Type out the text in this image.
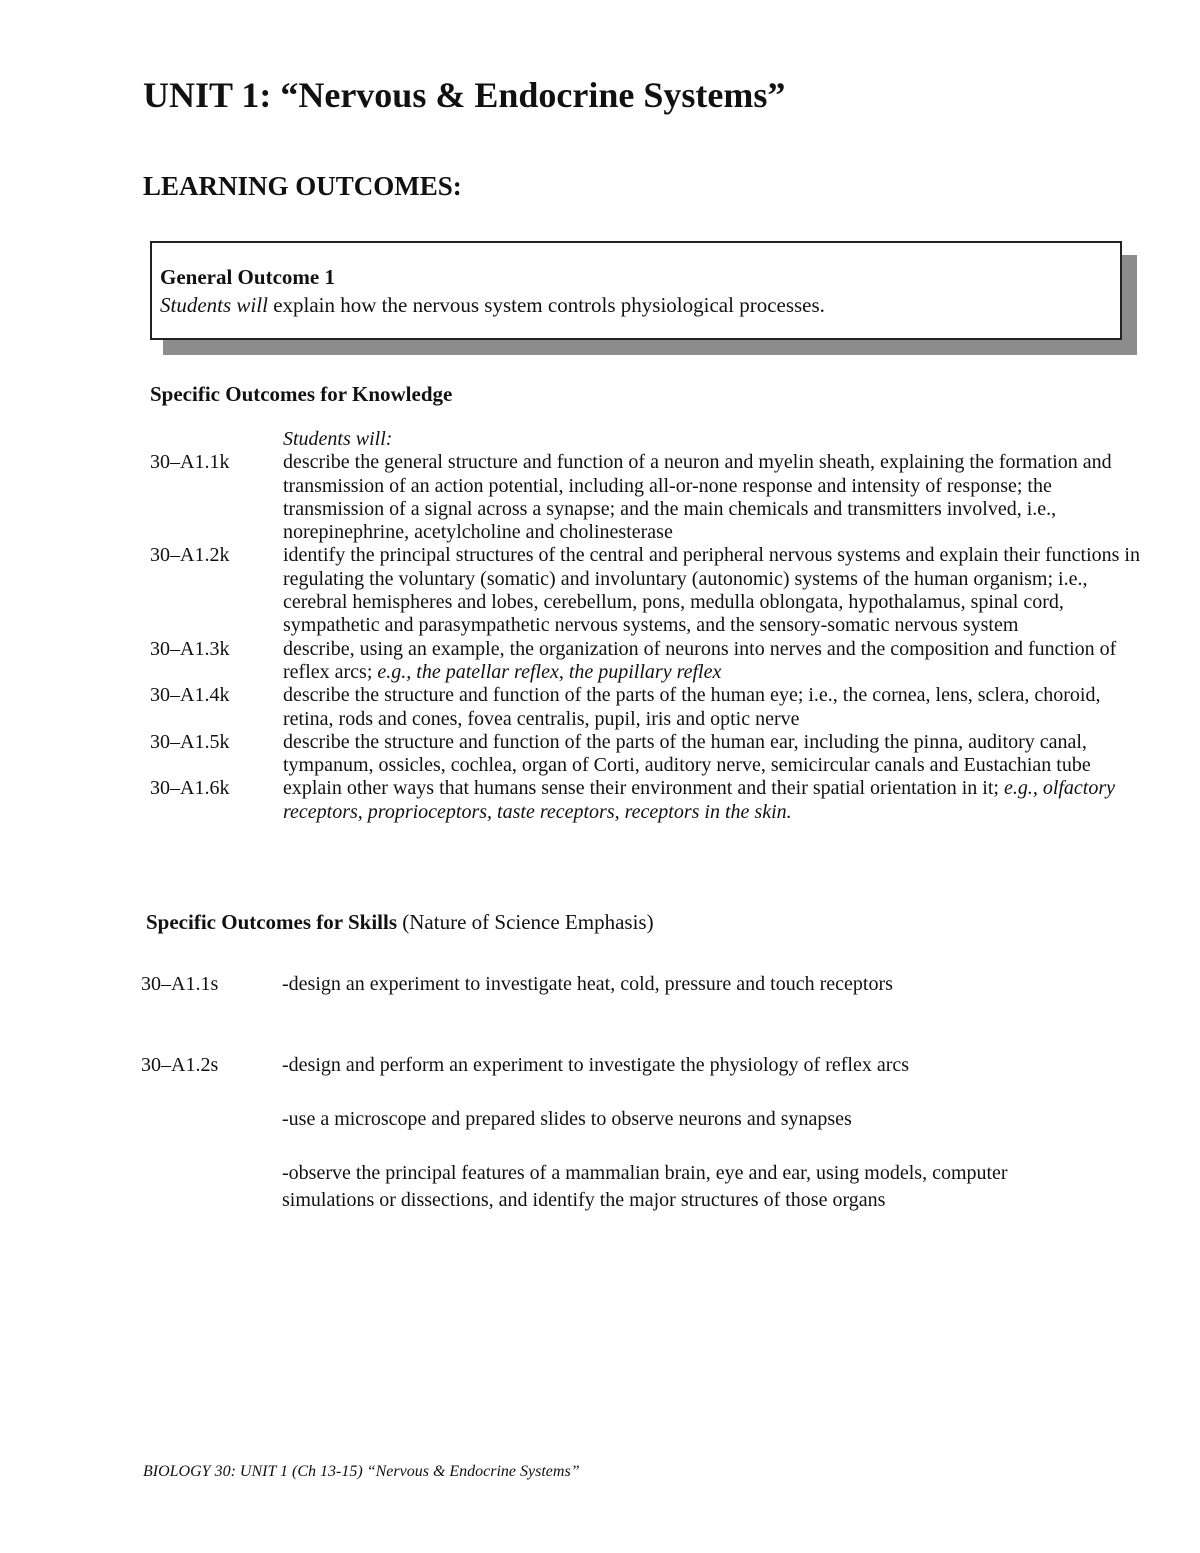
UNIT 1: “Nervous & Endocrine Systems”
LEARNING OUTCOMES:
General Outcome 1
Students will explain how the nervous system controls physiological processes.
Specific Outcomes for Knowledge
Students will:
30–A1.1k	describe the general structure and function of a neuron and myelin sheath, explaining the formation and transmission of an action potential, including all-or-none response and intensity of response; the transmission of a signal across a synapse; and the main chemicals and transmitters involved, i.e., norepinephrine, acetylcholine and cholinesterase
30–A1.2k	identify the principal structures of the central and peripheral nervous systems and explain their functions in regulating the voluntary (somatic) and involuntary (autonomic) systems of the human organism; i.e., cerebral hemispheres and lobes, cerebellum, pons, medulla oblongata, hypothalamus, spinal cord, sympathetic and parasympathetic nervous systems, and the sensory-somatic nervous system
30–A1.3k	describe, using an example, the organization of neurons into nerves and the composition and function of reflex arcs; e.g., the patellar reflex, the pupillary reflex
30–A1.4k	describe the structure and function of the parts of the human eye; i.e., the cornea, lens, sclera, choroid, retina, rods and cones, fovea centralis, pupil, iris and optic nerve
30–A1.5k	describe the structure and function of the parts of the human ear, including the pinna, auditory canal, tympanum, ossicles, cochlea, organ of Corti, auditory nerve, semicircular canals and Eustachian tube
30–A1.6k	explain other ways that humans sense their environment and their spatial orientation in it; e.g., olfactory receptors, proprioceptors, taste receptors, receptors in the skin.
Specific Outcomes for Skills (Nature of Science Emphasis)
30–A1.1s	-design an experiment to investigate heat, cold, pressure and touch receptors
30–A1.2s	-design and perform an experiment to investigate the physiology of reflex arcs
-use a microscope and prepared slides to observe neurons and synapses
-observe the principal features of a mammalian brain, eye and ear, using models, computer simulations or dissections, and identify the major structures of those organs
BIOLOGY 30: UNIT 1 (Ch 13-15) “Nervous & Endocrine Systems”
